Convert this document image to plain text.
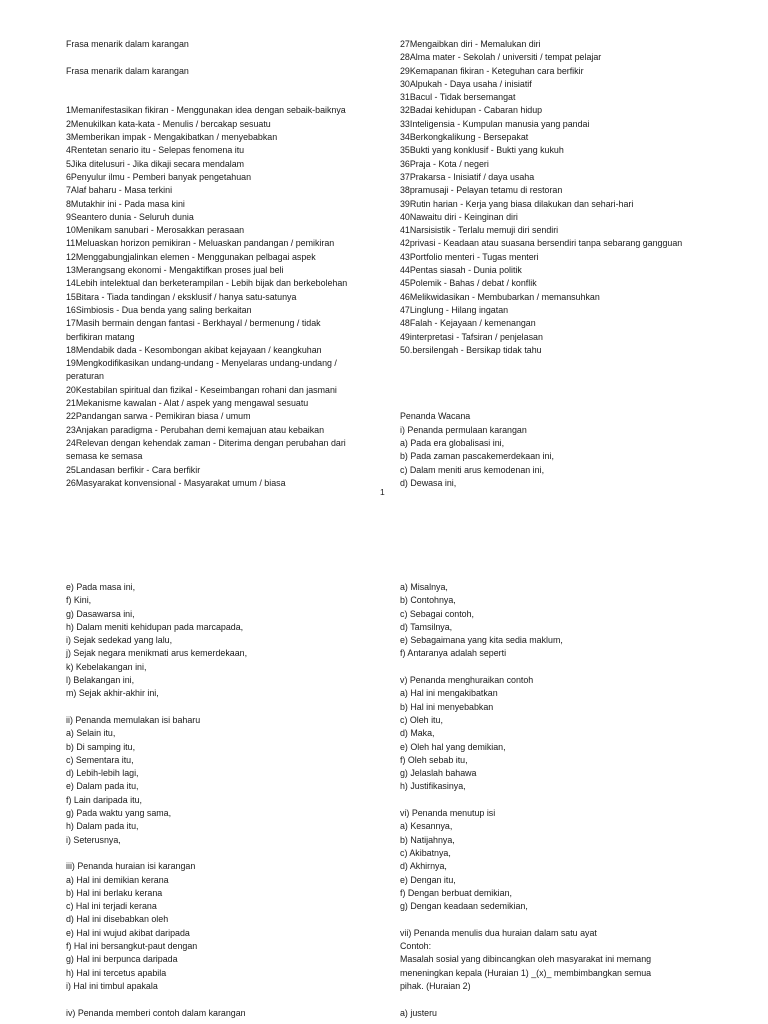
Frasa menarik dalam karangan
Frasa menarik dalam karangan
1Memanifestasikan fikiran - Menggunakan idea dengan sebaik-baiknya
2Menukilkan kata-kata - Menulis / bercakap sesuatu
3Memberikan impak - Mengakibatkan / menyebabkan
4Rentetan senario itu - Selepas fenomena itu
5Jika ditelusuri - Jika dikaji secara mendalam
6Penyulur ilmu - Pemberi banyak pengetahuan
7Alaf baharu - Masa terkini
8Mutakhir ini - Pada masa kini
9Seantero dunia - Seluruh dunia
10Menikam sanubari - Merosakkan perasaan
11Meluaskan horizon pemikiran - Meluaskan pandangan / pemikiran
12Menggabungjalinkan elemen - Menggunakan pelbagai aspek
13Merangsang ekonomi - Mengaktifkan proses jual beli
14Lebih intelektual dan berketerampilan - Lebih bijak dan berkebolehan
15Bitara - Tiada tandingan / eksklusif / hanya satu-satunya
16Simbiosis - Dua benda yang saling berkaitan
17Masih bermain dengan fantasi - Berkhayal / bermenung / tidak
berfikiran matang
18Mendabik dada - Kesombongan akibat kejayaan / keangkuhan
19Mengkodifikasikan undang-undang - Menyelaras undang-undang /
peraturan
20Kestabilan spiritual dan fizikal - Keseimbangan rohani dan jasmani
21Mekanisme kawalan - Alat / aspek yang mengawal sesuatu
22Pandangan sarwa - Pemikiran biasa / umum
23Anjakan paradigma - Perubahan demi kemajuan atau kebaikan
24Relevan dengan kehendak zaman - Diterima dengan perubahan dari
semasa ke semasa
25Landasan berfikir - Cara berfikir
26Masyarakat konvensional - Masyarakat umum / biasa
27Mengaibkan diri - Memalukan diri
28Alma mater - Sekolah / universiti / tempat pelajar
29Kemapanan fikiran - Keteguhan cara berfikir
30Alpukah - Daya usaha / inisiatif
31Bacul - Tidak bersemangat
32Badai kehidupan - Cabaran hidup
33Inteligensia - Kumpulan manusia yang pandai
34Berkongkalikung - Bersepakat
35Bukti yang konklusif - Bukti yang kukuh
36Praja - Kota / negeri
37Prakarsa - Inisiatif / daya usaha
38pramusaji - Pelayan tetamu di restoran
39Rutin harian - Kerja yang biasa dilakukan dan sehari-hari
40Nawaitu diri - Keinginan diri
41Narsisistik - Terlalu memuji diri sendiri
42privasi - Keadaan atau suasana bersendiri tanpa sebarang gangguan
43Portfolio menteri - Tugas menteri
44Pentas siasah - Dunia politik
45Polemik - Bahas / debat / konflik
46Melikwidasikan - Membubarkan / memansuhkan
47Linglung - Hilang ingatan
48Falah - Kejayaan / kemenangan
49interpretasi - Tafsiran / penjelasan
50.bersilengah - Bersikap tidak tahu
Penanda Wacana
i) Penanda permulaan karangan
a) Pada era globalisasi ini,
b) Pada zaman pascakemerdekaan ini,
c) Dalam meniti arus kemodenan ini,
d) Dewasa ini,
1
e) Pada masa ini,
f) Kini,
g) Dasawarsa ini,
h) Dalam meniti kehidupan pada marcapada,
i) Sejak sedekad yang lalu,
j) Sejak negara menikmati arus kemerdekaan,
k) Kebelakangan ini,
l) Belakangan ini,
m) Sejak akhir-akhir ini,
ii) Penanda memulakan isi baharu
a) Selain itu,
b) Di samping itu,
c) Sementara itu,
d) Lebih-lebih lagi,
e) Dalam pada itu,
f) Lain daripada itu,
g) Pada waktu yang sama,
h) Dalam pada itu,
i) Seterusnya,
iii) Penanda huraian isi karangan
a) Hal ini demikian kerana
b) Hal ini berlaku kerana
c) Hal ini terjadi kerana
d) Hal ini disebabkan oleh
e) Hal ini wujud akibat daripada
f) Hal ini bersangkut-paut dengan
g) Hal ini berpunca daripada
h) Hal ini tercetus apabila
i) Hal ini timbul apakala
iv) Penanda memberi contoh dalam karangan
a) Misalnya,
b) Contohnya,
c) Sebagai contoh,
d) Tamsilnya,
e) Sebagaimana yang kita sedia maklum,
f) Antaranya adalah seperti
v) Penanda menghuraikan contoh
a) Hal ini mengakibatkan
b) Hal ini menyebabkan
c) Oleh itu,
d) Maka,
e) Oleh hal yang demikian,
f) Oleh sebab itu,
g) Jelaslah bahawa
h) Justifikasinya,
vi) Penanda menutup isi
a) Kesannya,
b) Natijahnya,
c) Akibatnya,
d) Akhirnya,
e) Dengan itu,
f) Dengan berbuat demikian,
g) Dengan keadaan sedemikian,
vii) Penanda menulis dua huraian dalam satu ayat
Contoh:
Masalah sosial yang dibincangkan oleh masyarakat ini memang
meneningkan kepala (Huraian 1) _(x)_ membimbangkan semua
pihak. (Huraian 2)
a) justeru
